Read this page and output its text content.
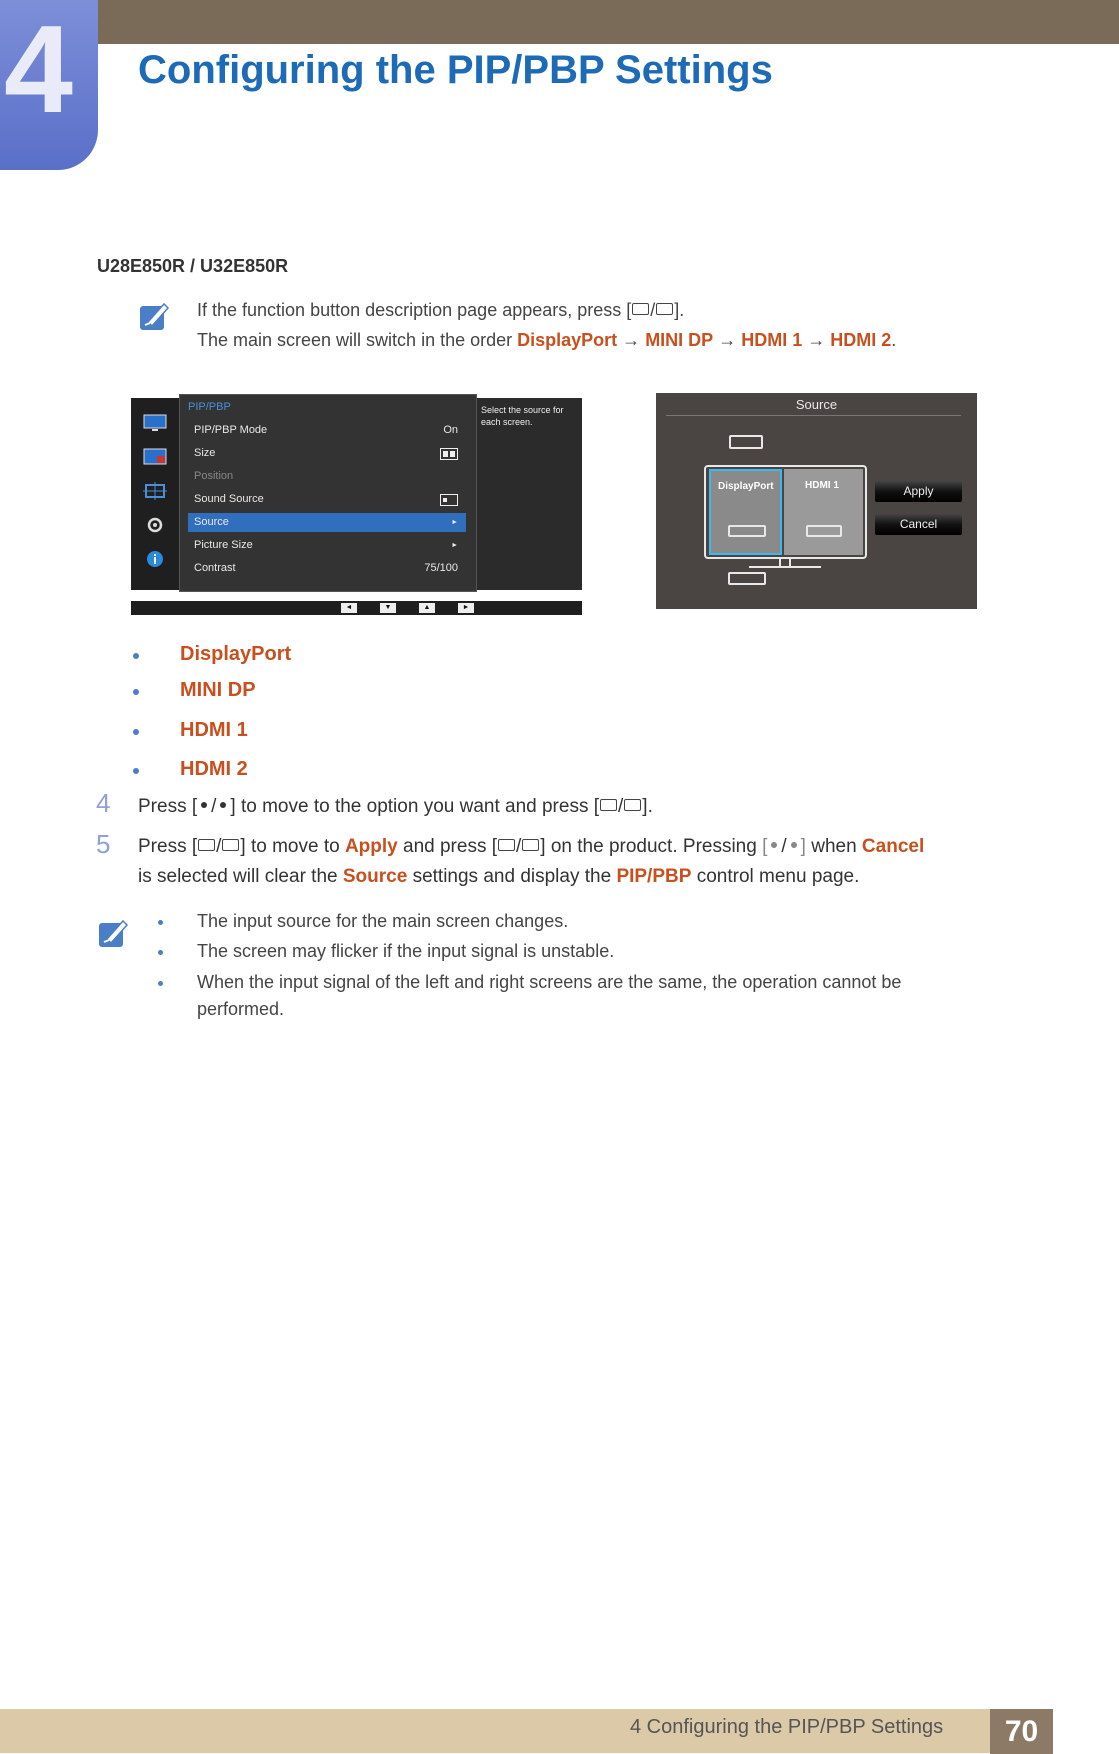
4 Configuring the PIP/PBP Settings
U28E850R / U32E850R
If the function button description page appears, press [ / ].
The main screen will switch in the order DisplayPort → MINI DP → HDMI 1 → HDMI 2.
PIP/PBP
PIP/PBP Mode	On
Size
Position
Sound Source
Source	►
Picture Size	►
Contrast	75/100
Select the source for each screen.
◄	▼	▲	►
Source
DisplayPort	HDMI 1	Apply
Cancel
DisplayPort
MINI DP
HDMI 1
HDMI 2
4 Press [ / ] to move to the option you want and press [ / ].
5 Press [ / ] to move to Apply and press [ / ] on the product. Pressing [ / ] when Cancel
is selected will clear the Source settings and display the PIP/PBP control menu page.
The input source for the main screen changes.
The screen may flicker if the input signal is unstable.
When the input signal of the left and right screens are the same, the operation cannot be
performed.
4 Configuring the PIP/PBP Settings	70
